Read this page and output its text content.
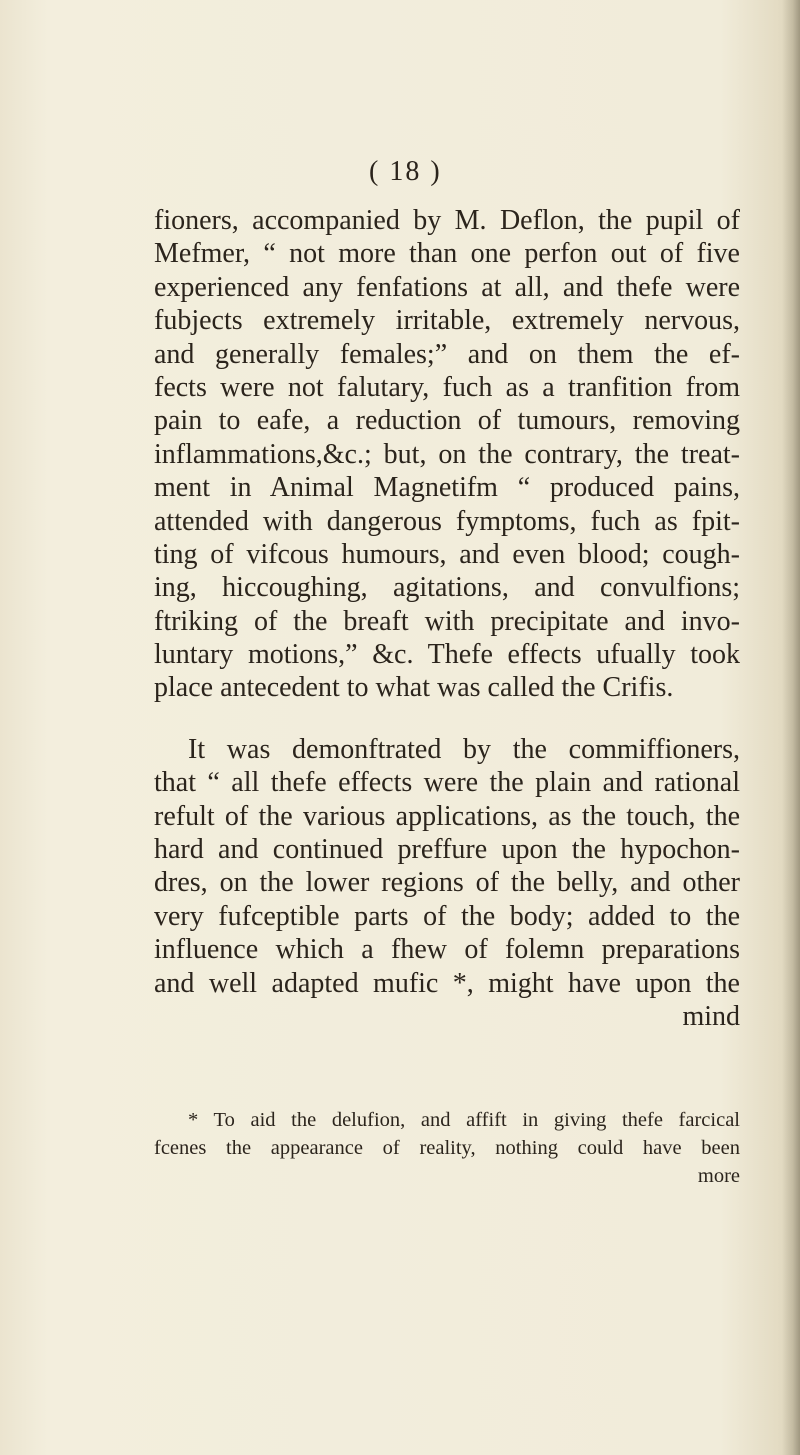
( 18 )
fioners, accompanied by M. Deflon, the pupil of
Mefmer, “ not more than one perfon out of five
experienced any fenfations at all, and thefe were
fubjects extremely irritable, extremely nervous,
and generally females;” and on them the ef-
fects were not falutary, fuch as a tranfition from
pain to eafe, a reduction of tumours, removing
inflammations,&c.; but, on the contrary, the treat-
ment in Animal Magnetifm “ produced pains,
attended with dangerous fymptoms, fuch as fpit-
ting of vifcous humours, and even blood; cough-
ing, hiccoughing, agitations, and convulfions;
ftriking of the breaft with precipitate and invo-
luntary motions,” &c. Thefe effects ufually took
place antecedent to what was called the Crifis.
It was demonftrated by the commiffioners,
that “ all thefe effects were the plain and rational
refult of the various applications, as the touch, the
hard and continued preffure upon the hypochon-
dres, on the lower regions of the belly, and other
very fufceptible parts of the body; added to the
influence which a fhew of folemn preparations
and well adapted mufic *, might have upon the
mind
* To aid the delufion, and affift in giving thefe farcical
fcenes the appearance of reality, nothing could have been
more
